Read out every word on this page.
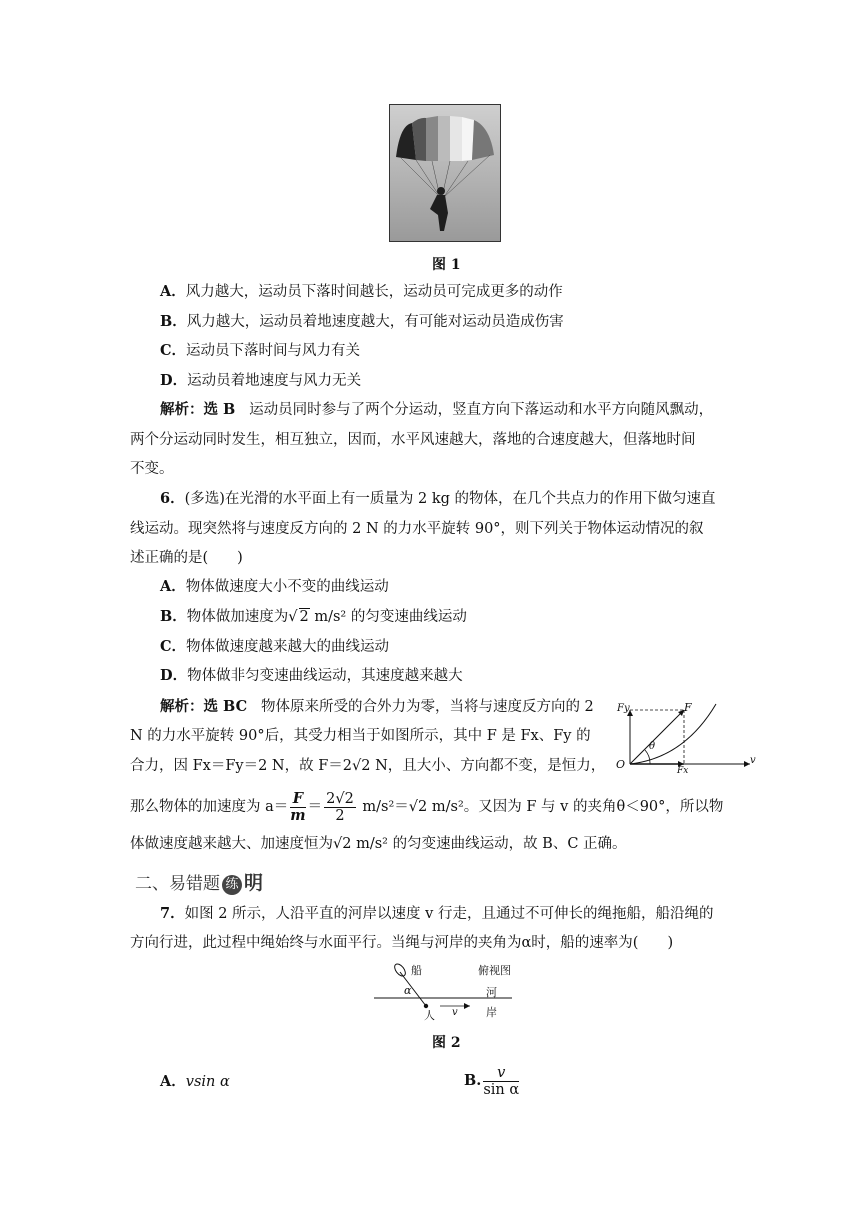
图 1
A．风力越大，运动员下落时间越长，运动员可完成更多的动作
B．风力越大，运动员着地速度越大，有可能对运动员造成伤害
C．运动员下落时间与风力有关
D．运动员着地速度与风力无关
解析：选 B 运动员同时参与了两个分运动，竖直方向下落运动和水平方向随风飘动，
两个分运动同时发生，相互独立，因而，水平风速越大，落地的合速度越大，但落地时间
不变。
6．(多选)在光滑的水平面上有一质量为 2 kg 的物体，在几个共点力的作用下做匀速直
线运动。现突然将与速度反方向的 2 N 的力水平旋转 90°，则下列关于物体运动情况的叙
述正确的是(　　)
A．物体做速度大小不变的曲线运动
B．物体做加速度为√ 2 m/s² 的匀变速曲线运动
C．物体做速度越来越大的曲线运动
D．物体做非匀变速曲线运动，其速度越来越大
解析：选 BC 物体原来所受的合外力为零，当将与速度反方向的 2
N 的力水平旋转 90°后，其受力相当于如图所示，其中 F 是 Fx、Fy 的
合力，因 Fx＝Fy＝2 N，故 F＝2√2 N，且大小、方向都不变，是恒力，
那么物体的加速度为 $a= \frac{F}{m} = \frac{2√2}{2} m/s^2=√2$ m/s²。又因为 F 与 v 的夹角θ＜90°，所以物
体做速度越来越大、加速度恒为√2 m/s² 的匀变速曲线运动，故 B、C 正确。
Fy	F
θ
O	Fx
v
二、易错题 练 明
7．如图 2 所示，人沿平直的河岸以速度 v 行走，且通过不可伸长的绳拖船，船沿绳的
方向行进，此过程中绳始终与水面平行。当绳与河岸的夹角为α时，船的速率为(　　)
船	俯视图
河
α
人 v	岸
图 2
A．vsin α	B. $\frac{v}{\text{sin α}}$
